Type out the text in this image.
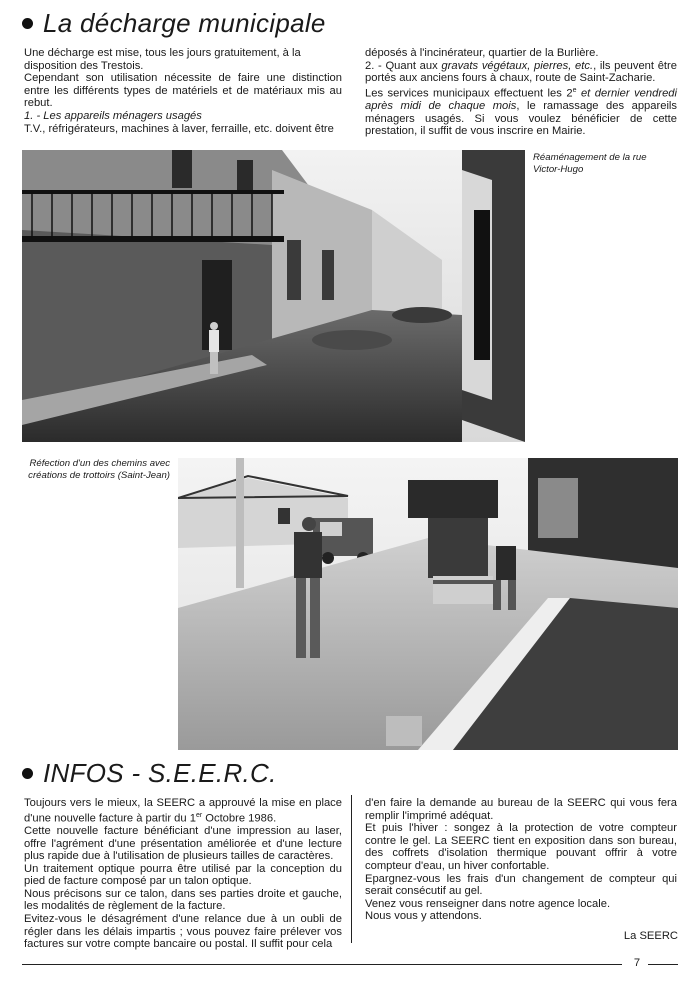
La décharge municipale

Une décharge est mise, tous les jours gratuitement, à la disposition des Trestois.

Cependant son utilisation nécessite de faire une distinction entre les différents types de matériels et de matériaux mis au rebut.

1. - Les appareils ménagers usagés

T.V., réfrigérateurs, machines à laver, ferraille, etc. doivent être

déposés à l'incinérateur, quartier de la Burlière.

2. - Quant aux gravats végétaux, pierres, etc., ils peuvent être portés aux anciens fours à chaux, route de Saint-Zacharie.

Les services municipaux effectuent les 2e et dernier vendredi après midi de chaque mois, le ramassage des appareils ménagers usagés. Si vous voulez bénéficier de cette prestation, il suffit de vous inscrire en Mairie.

Réaménagement de la rue Victor-Hugo
Réfection d'un des chemins avec créations de trottoirs (Saint-Jean)
INFOS - S.E.E.R.C.

Toujours vers le mieux, la SEERC a approuvé la mise en place d'une nouvelle facture à partir du 1er Octobre 1986.

Cette nouvelle facture bénéficiant d'une impression au laser, offre l'agrément d'une présentation améliorée et d'une lecture plus rapide due à l'utilisation de plusieurs tailles de caractères.

Un traitement optique pourra être utilisé par la conception du pied de facture composé par un talon optique.

Nous précisons sur ce talon, dans ses parties droite et gauche, les modalités de règlement de la facture.

Evitez-vous le désagrément d'une relance due à un oubli de régler dans les délais impartis ; vous pouvez faire prélever vos factures sur votre compte bancaire ou postal. Il suffit pour cela

d'en faire la demande au bureau de la SEERC qui vous fera remplir l'imprimé adéquat.

Et puis l'hiver : songez à la protection de votre compteur contre le gel. La SEERC tient en exposition dans son bureau, des coffrets d'isolation thermique pouvant offrir à votre compteur d'eau, un hiver confortable.

Epargnez-vous les frais d'un changement de compteur qui serait consécutif au gel.

Venez vous renseigner dans notre agence locale.

Nous vous y attendons.

La SEERC
7
